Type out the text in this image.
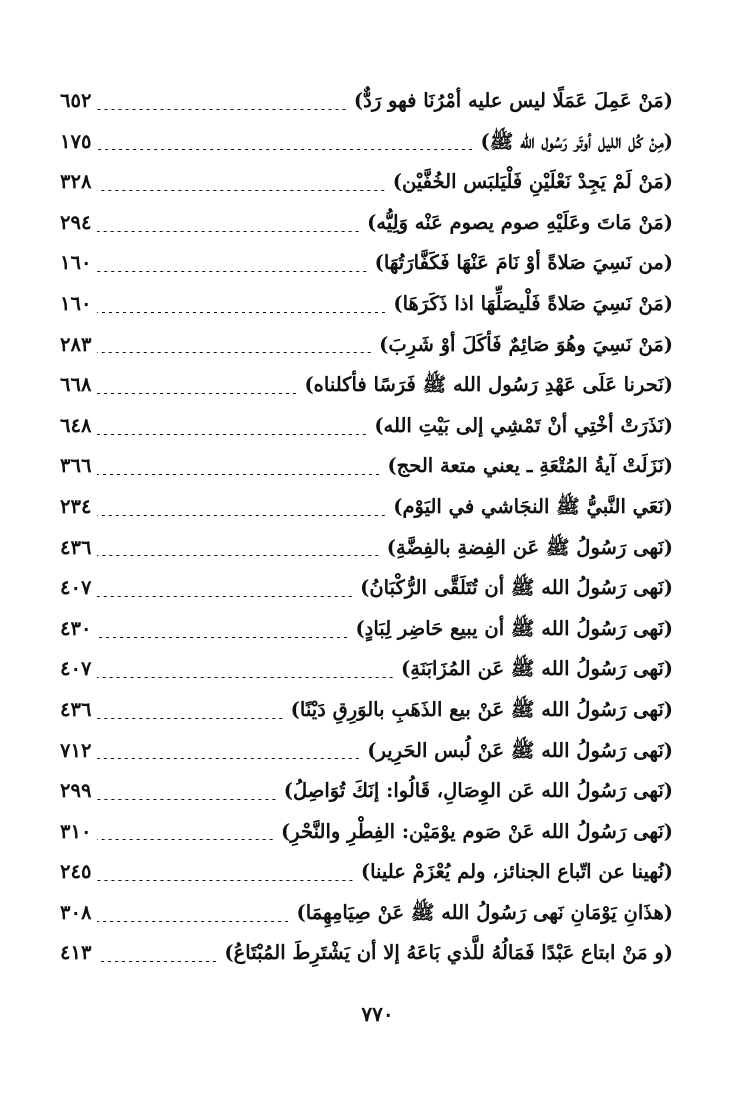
(مَنْ عَمِلَ عَمَلًا ليس عليه أمْرُنَا فهو رَدٌّ)
٦٥٢
(مِنْ كُل الليل أوتَر رَسُول الله ﷺ)
١٧٥
(مَنْ لَمْ يَجِدْ نَعْلَيْنِ فَلْيَلبَس الخُفَّيْن)
٣٢٨
(مَنْ مَاتَ وعَلَيْهِ صوم يصوم عَنْه وَلِيُّه)
٢٩٤
(من نَسِيَ صَلاةً أوْ نَامَ عَنْهَا فَكَفَّارَتُهَا)
١٦٠
(مَنْ نَسِيَ صَلاةً فَلْيصَلِّهَا اذا ذَكَرَهَا)
١٦٠
(مَنْ نَسِيَ وهُوَ صَائِمٌ فَأكَلَ أوْ شَرِبَ)
٢٨٣
(نَحرنا عَلَى عَهْدِ رَسُول الله ﷺ فَرَسًا فأكلناه)
٦٦٨
(نَذَرَتْ أخْتِي أنْ تَمْشِي إلى بَيْتِ الله)
٦٤٨
(نَزَلَتْ آيةُ المُتْعَةِ ـ يعني متعة الحج)
٣٦٦
(نَعَي النَّبيُّ ﷺ النجَاشي في اليَوْم)
٢٣٤
(نَهى رَسُولُ ﷺ عَن الفِضةِ بالفِضَّةِ)
٤٣٦
(نَهى رَسُولُ الله ﷺ أن تُتَلَقَّى الرُّكْبَانُ)
٤٠٧
(نَهى رَسُولُ الله ﷺ أن يبيع حَاضِر لِبَادٍ)
٤٣٠
(نَهى رَسُولُ الله ﷺ عَن المُزَابَنَةِ)
٤٠٧
(نَهى رَسُولُ الله ﷺ عَنْ بيع الذَهَبِ بالوَرِقِ دَيْنًا)
٤٣٦
(نَهى رَسُولُ الله ﷺ عَنْ لُبس الحَرِير)
٧١٢
(نَهى رَسُولُ الله عَن الوِصَالِ، قَالُوا: إنَكَ تُوَاصِلُ)
٢٩٩
(نَهى رَسُولُ الله عَنْ صَوم يوْمَيْن: الفِطْرِ والنَّحْرِ)
٣١٠
(نُهينا عن اتّباع الجنائز، ولم يُعْزَمْ علينا)
٢٤٥
(هذَانِ يَوْمَانِ نَهى رَسُولُ الله ﷺ عَنْ صِيَامِهِمَا)
٣٠٨
(و مَنْ ابتاع عَبْدًا فَمَالُهُ للَّذي بَاعَهُ إلا أن يَشْتَرِطَ المُبْتَاعُ)
٤١٣
٧٧٠
